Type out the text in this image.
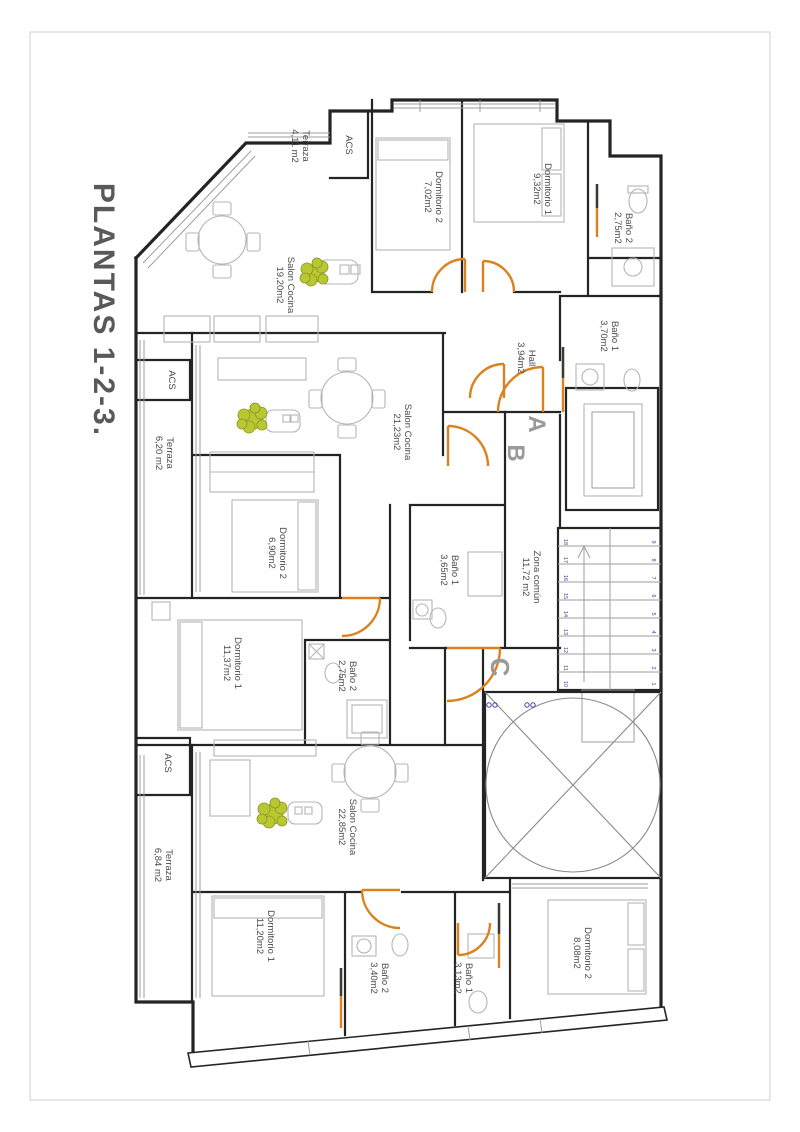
PLANTAS 1-2-3.
18
17
16
15
14
13
12
11
10
9
8
7
6
5
4
3
2
1
Terraza4,11 m2	ACS
Dormitorio 27,02m2	Dormitorio 19,32m2
Baño 22,75m2
Salon Cocina19,20m2
Baño 13,70m2
Hall3,94m2
Terraza6,20 m2
ACS
Salon Cocina21,23m2
Dormitorio 26,90m2
Baño 13,65m2	Zona común11,72 m2
Dormitorio 111,37m2	Baño 22,75m2
Terraza6,84 m2
ACS
Salon Cocina22,85m2
Dormitorio 111,20m2
Baño 23,40m2	Baño 13,13m2	Dormitorio 28,08m2
A
B
C
